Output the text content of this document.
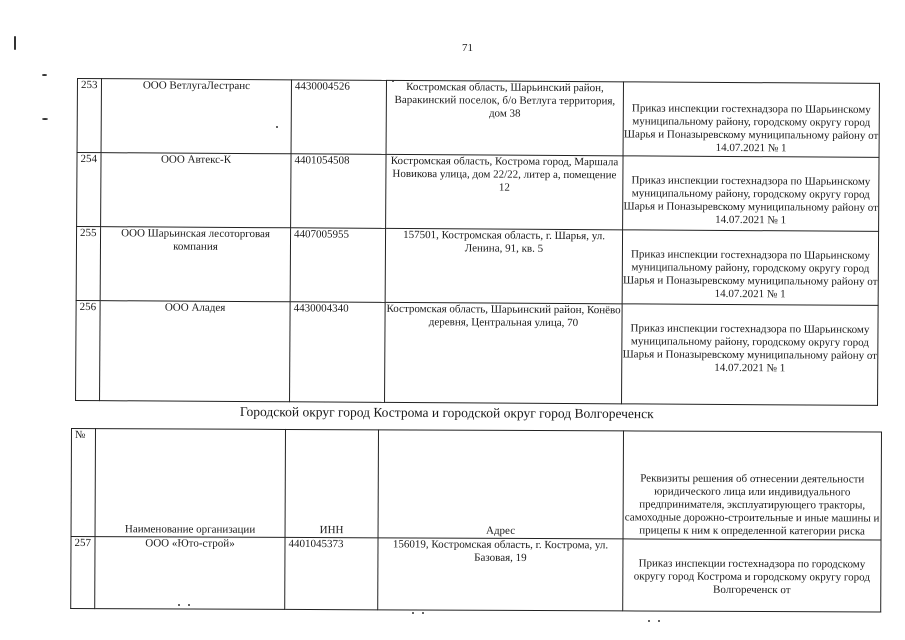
71
253	ООО ВетлугаЛестранс	4430004526	Костромская область, Шарьинский район, Варакинский поселок, б/о Ветлуга территория, дом 38	Приказ инспекции гостехнадзора по Шарьинскому муниципальному району, городскому округу город Шарья и Поназыревскому муниципальному району от 14.07.2021 № 1
254	ООО Автекс-К	4401054508	Костромская область, Кострома город, Маршала Новикова улица, дом 22/22, литер а, помещение 12	Приказ инспекции гостехнадзора по Шарьинскому муниципальному району, городскому округу город Шарья и Поназыревскому муниципальному району от 14.07.2021 № 1
255	ООО Шарьинская лесоторговая компания	4407005955	157501, Костромская область, г. Шарья, ул. Ленина, 91, кв. 5	Приказ инспекции гостехнадзора по Шарьинскому муниципальному району, городскому округу город Шарья и Поназыревскому муниципальному району от 14.07.2021 № 1
256	ООО Аладея	4430004340	Костромская область, Шарьинский район, Конёво деревня, Центральная улица, 70	Приказ инспекции гостехнадзора по Шарьинскому муниципальному району, городскому округу город Шарья и Поназыревскому муниципальному району от 14.07.2021 № 1
Городской округ город Кострома и городской округ город Волгореченск
№	Наименование организации	ИНН	Адрес	Реквизиты решения об отнесении деятельности юридического лица или индивидуального предпринимателя, эксплуатирующего тракторы, самоходные дорожно-строительные и иные машины и прицепы к ним к определенной категории риска
257	ООО «Юто-строй»	4401045373	156019, Костромская область, г. Кострома, ул. Базовая, 19	Приказ инспекции гостехнадзора по городскому округу город Кострома и городскому округу город Волгореченск от
